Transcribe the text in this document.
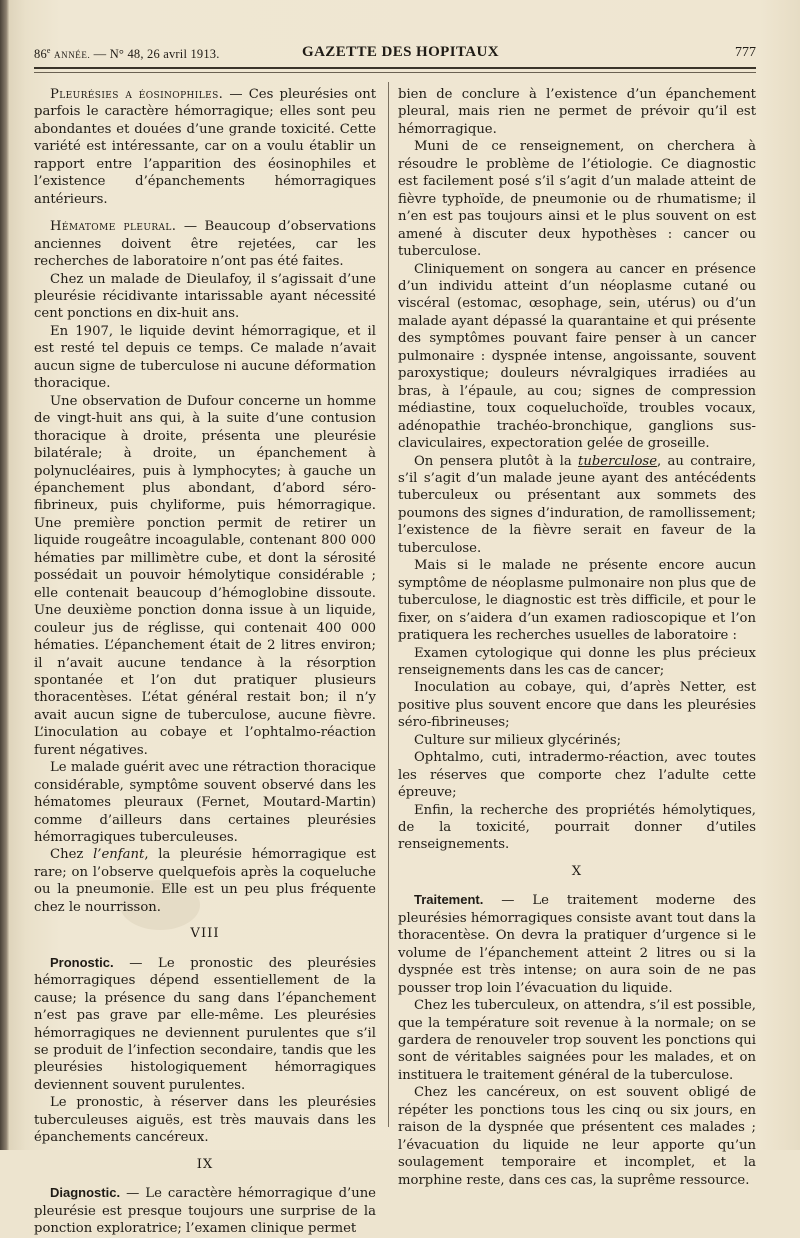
86e ANNÉE. — N° 48, 26 avril 1913.	GAZETTE DES HOPITAUX	777

Pleurésies a éosinophiles. — Ces pleurésies ont parfois le caractère hémorragique; elles sont peu abondantes et douées d’une grande toxicité. Cette variété est intéressante, car on a voulu établir un rapport entre l’apparition des éosinophiles et l’existence d’épanchements hémorragiques antérieurs.

Hématome pleural. — Beaucoup d’observations anciennes doivent être rejetées, car les recherches de laboratoire n’ont pas été faites.

Chez un malade de Dieulafoy, il s’agissait d’une pleurésie récidivante intarissable ayant nécessité cent ponctions en dix-huit ans.

En 1907, le liquide devint hémorragique, et il est resté tel depuis ce temps. Ce malade n’avait aucun signe de tuberculose ni aucune déformation thoracique.

Une observation de Dufour concerne un homme de vingt-huit ans qui, à la suite d’une contusion thoracique à droite, présenta une pleurésie bilatérale; à droite, un épanchement à polynucléaires, puis à lymphocytes; à gauche un épanchement plus abondant, d’abord séro-fibrineux, puis chyliforme, puis hémorragique. Une première ponction permit de retirer un liquide rougeâtre incoagulable, contenant 800 000 hématies par millimètre cube, et dont la sérosité possédait un pouvoir hémolytique considérable ; elle contenait beaucoup d’hémoglobine dissoute. Une deuxième ponction donna issue à un liquide, couleur jus de réglisse, qui contenait 400 000 hématies. L’épanchement était de 2 litres environ; il n’avait aucune tendance à la résorption spontanée et l’on dut pratiquer plusieurs thoracentèses. L’état général restait bon; il n’y avait aucun signe de tuberculose, aucune fièvre. L’inoculation au cobaye et l’ophtalmo-réaction furent négatives.

Le malade guérit avec une rétraction thoracique considérable, symptôme souvent observé dans les hématomes pleuraux (Fernet, Moutard-Martin) comme d’ailleurs dans certaines pleurésies hémorragiques tuberculeuses.

Chez l’enfant, la pleurésie hémorragique est rare; on l’observe quelquefois après la coqueluche ou la pneumonie. Elle est un peu plus fréquente chez le nourrisson.

VIII

Pronostic. — Le pronostic des pleurésies hémorragiques dépend essentiellement de la cause; la présence du sang dans l’épanchement n’est pas grave par elle-même. Les pleurésies hémorragiques ne deviennent purulentes que s’il se produit de l’infection secondaire, tandis que les pleurésies histologiquement hémorragiques deviennent souvent purulentes.

Le pronostic, à réserver dans les pleurésies tuberculeuses aiguës, est très mauvais dans les épanchements cancéreux.

IX

Diagnostic. — Le caractère hémorragique d’une pleurésie est presque toujours une surprise de la ponction exploratrice; l’examen clinique permet

bien de conclure à l’existence d’un épanchement pleural, mais rien ne permet de prévoir qu’il est hémorragique.

Muni de ce renseignement, on cherchera à résoudre le problème de l’étiologie. Ce diagnostic est facilement posé s’il s’agit d’un malade atteint de fièvre typhoïde, de pneumonie ou de rhumatisme; il n’en est pas toujours ainsi et le plus souvent on est amené à discuter deux hypothèses : cancer ou tuberculose.

Cliniquement on songera au cancer en présence d’un individu atteint d’un néoplasme cutané ou viscéral (estomac, œsophage, sein, utérus) ou d’un malade ayant dépassé la quarantaine et qui présente des symptômes pouvant faire penser à un cancer pulmonaire : dyspnée intense, angoissante, souvent paroxystique; douleurs névralgiques irradiées au bras, à l’épaule, au cou; signes de compression médiastine, toux coqueluchoïde, troubles vocaux, adénopathie trachéo-bronchique, ganglions sus-claviculaires, expectoration gelée de groseille.

On pensera plutôt à la tuberculose, au contraire, s’il s’agit d’un malade jeune ayant des antécédents tuberculeux ou présentant aux sommets des poumons des signes d’induration, de ramollissement; l’existence de la fièvre serait en faveur de la tuberculose.

Mais si le malade ne présente encore aucun symptôme de néoplasme pulmonaire non plus que de tuberculose, le diagnostic est très difficile, et pour le fixer, on s’aidera d’un examen radioscopique et l’on pratiquera les recherches usuelles de laboratoire :

Examen cytologique qui donne les plus précieux renseignements dans les cas de cancer;

Inoculation au cobaye, qui, d’après Netter, est positive plus souvent encore que dans les pleurésies séro-fibrineuses;

Culture sur milieux glycérinés;

Ophtalmo, cuti, intradermo-réaction, avec toutes les réserves que comporte chez l’adulte cette épreuve;

Enfin, la recherche des propriétés hémolytiques, de la toxicité, pourrait donner d’utiles renseignements.

X

Traitement. — Le traitement moderne des pleurésies hémorragiques consiste avant tout dans la thoracentèse. On devra la pratiquer d’urgence si le volume de l’épanchement atteint 2 litres ou si la dyspnée est très intense; on aura soin de ne pas pousser trop loin l’évacuation du liquide.

Chez les tuberculeux, on attendra, s’il est possible, que la température soit revenue à la normale; on se gardera de renouveler trop souvent les ponctions qui sont de véritables saignées pour les malades, et on instituera le traitement général de la tuberculose.

Chez les cancéreux, on est souvent obligé de répéter les ponctions tous les cinq ou six jours, en raison de la dyspnée que présentent ces malades ; l’évacuation du liquide ne leur apporte qu’un soulagement temporaire et incomplet, et la morphine reste, dans ces cas, la suprême ressource.
